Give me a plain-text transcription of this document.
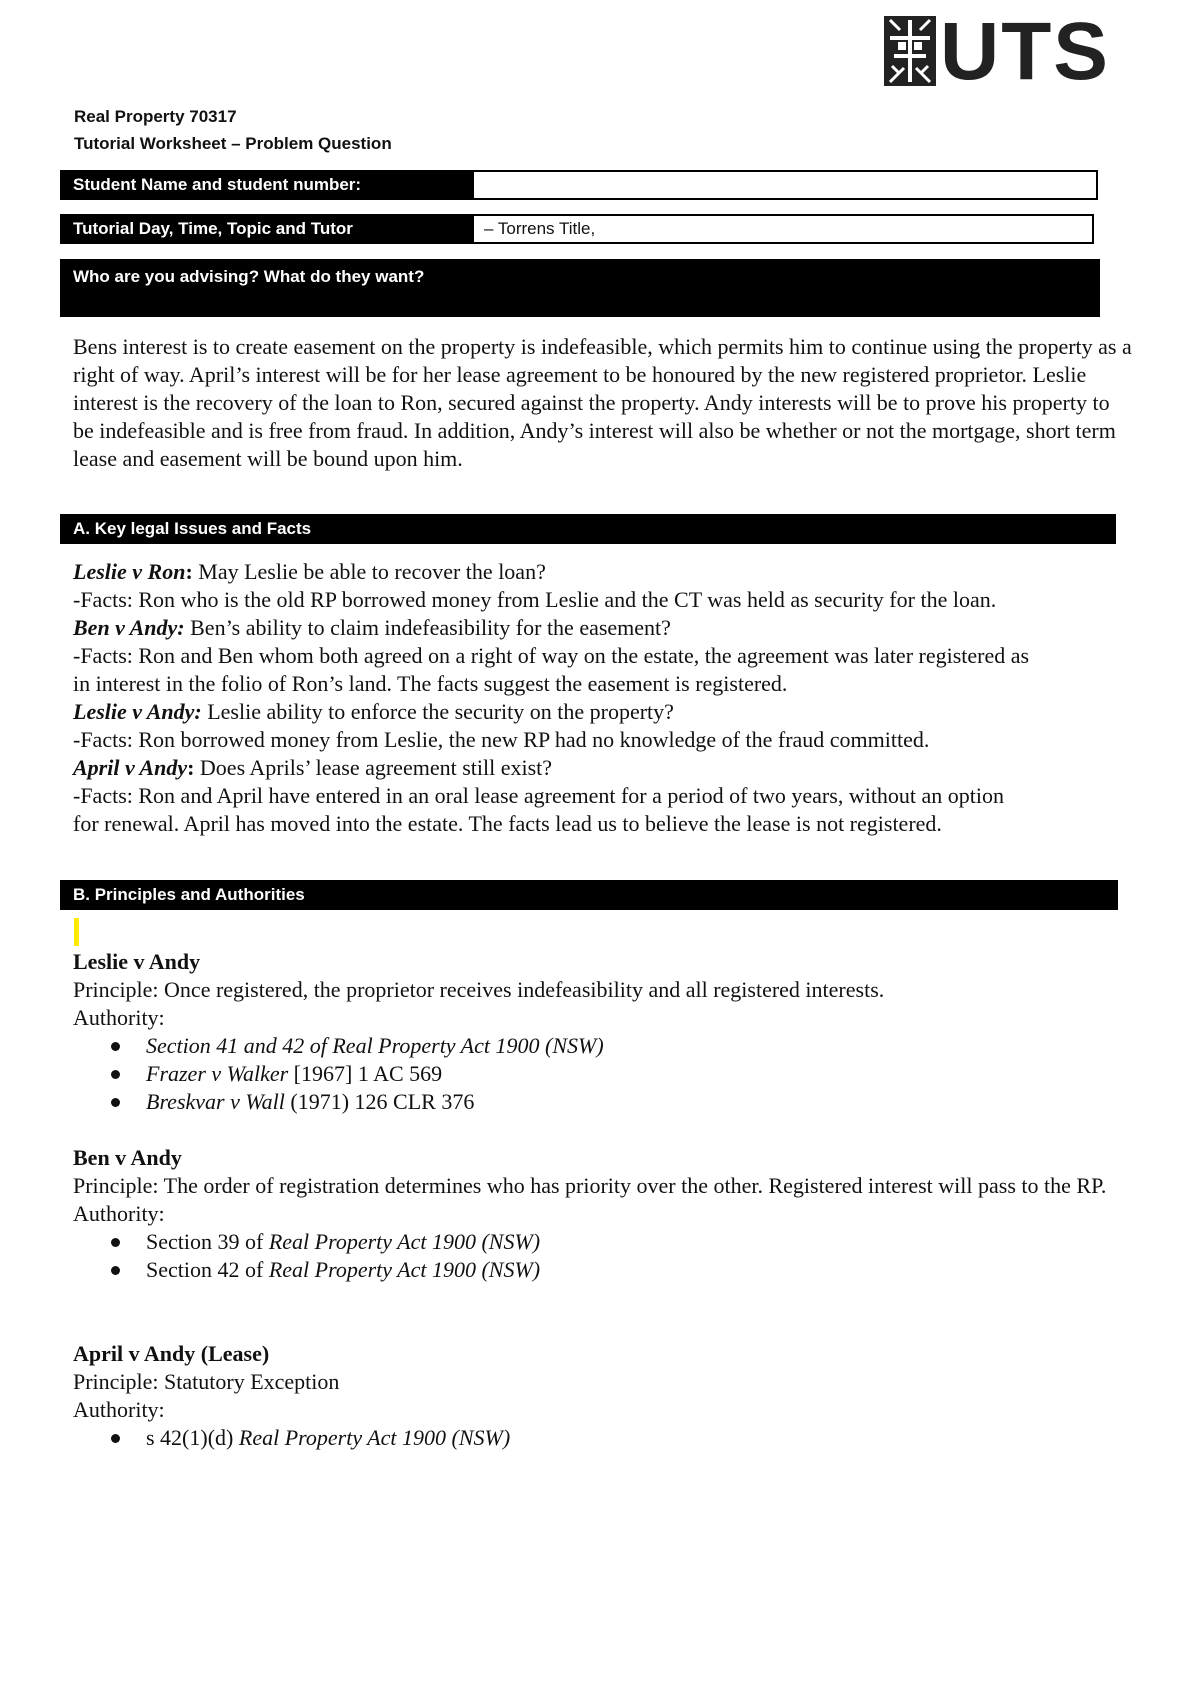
UTS
Real Property 70317
Tutorial Worksheet – Problem Question
Student Name and student number:
Tutorial Day, Time, Topic and Tutor	– Torrens Title,
Who are you advising? What do they want?
Bens interest is to create easement on the property is indefeasible, which permits him to continue using the property as a right of way. April’s interest will be for her lease agreement to be honoured by the new registered proprietor. Leslie interest is the recovery of the loan to Ron, secured against the property. Andy interests will be to prove his property to be indefeasible and is free from fraud. In addition, Andy’s interest will also be whether or not the mortgage, short term lease and easement will be bound upon him.
A. Key legal Issues and Facts
Leslie v Ron: May Leslie be able to recover the loan?
-Facts: Ron who is the old RP borrowed money from Leslie and the CT was held as security for the loan.
Ben v Andy: Ben’s ability to claim indefeasibility for the easement?
-Facts: Ron and Ben whom both agreed on a right of way on the estate, the agreement was later registered as
in interest in the folio of Ron’s land. The facts suggest the easement is registered.
Leslie v Andy: Leslie ability to enforce the security on the property?
-Facts: Ron borrowed money from Leslie, the new RP had no knowledge of the fraud committed.
April v Andy: Does Aprils’ lease agreement still exist?
-Facts: Ron and April have entered in an oral lease agreement for a period of two years, without an option
for renewal. April has moved into the estate. The facts lead us to believe the lease is not registered.
B. Principles and Authorities
Leslie v Andy

Principle: Once registered, the proprietor receives indefeasibility and all registered interests.

Authority:

Section 41 and 42 of Real Property Act 1900 (NSW)
Frazer v Walker [1967] 1 AC 569
Breskvar v Wall (1971) 126 CLR 376
Ben v Andy

Principle: The order of registration determines who has priority over the other. Registered interest will pass to the RP.

Authority:

Section 39 of Real Property Act 1900 (NSW)
Section 42 of Real Property Act 1900 (NSW)
April v Andy (Lease)

Principle: Statutory Exception

Authority:

s 42(1)(d) Real Property Act 1900 (NSW)
